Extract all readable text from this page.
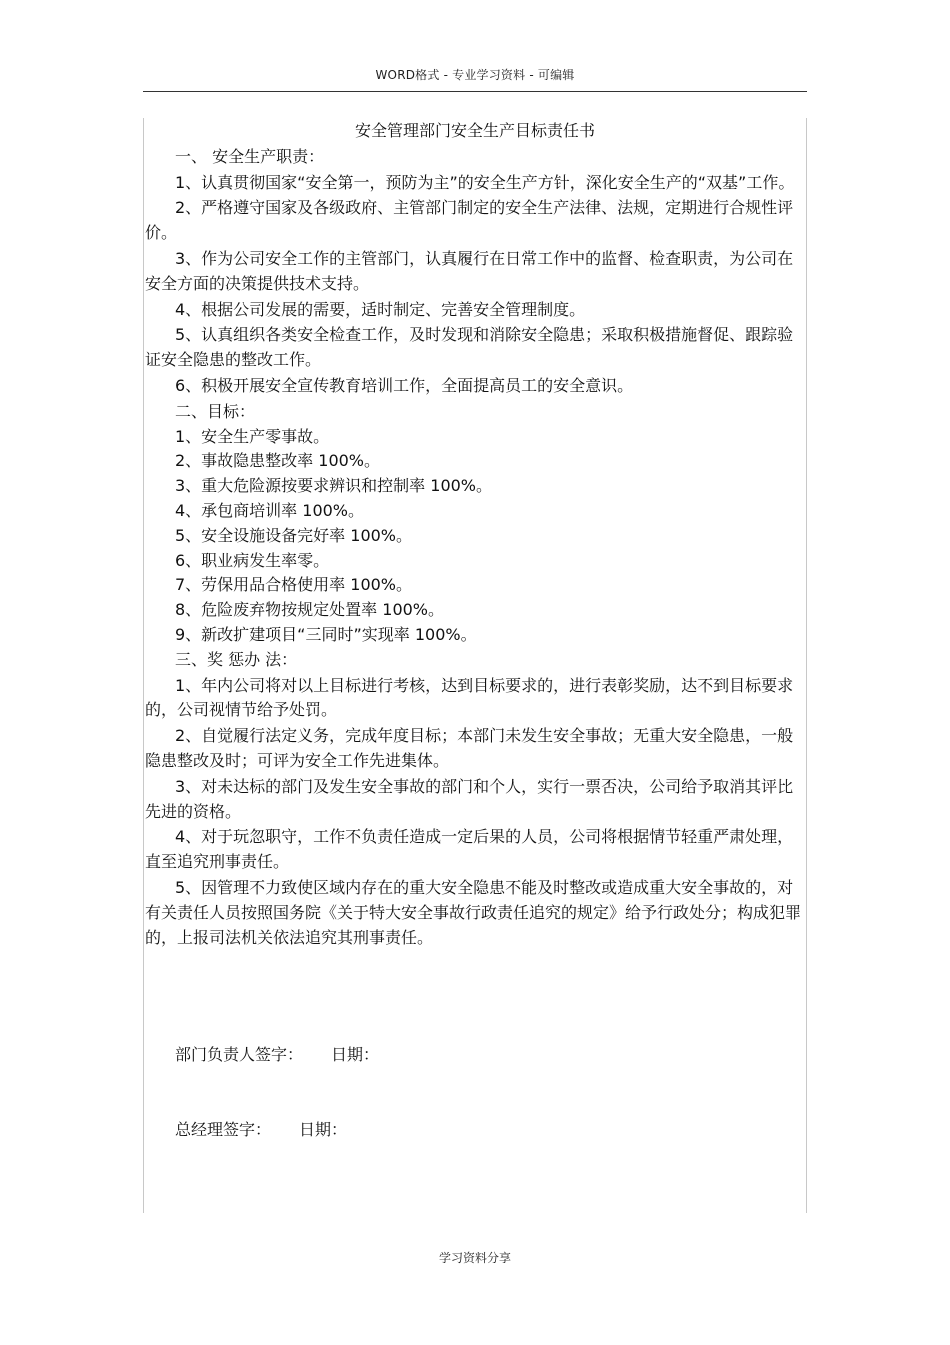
WORD格式 - 专业学习资料 - 可编辑

安全管理部门安全生产目标责任书

一、 安全生产职责：

1、认真贯彻国家“安全第一，预防为主”的安全生产方针，深化安全生产的“双基”工作。

2、严格遵守国家及各级政府、主管部门制定的安全生产法律、法规，定期进行合规性评价。

3、作为公司安全工作的主管部门，认真履行在日常工作中的监督、检查职责，为公司在安全方面的决策提供技术支持。

4、根据公司发展的需要，适时制定、完善安全管理制度。

5、认真组织各类安全检查工作，及时发现和消除安全隐患；采取积极措施督促、跟踪验证安全隐患的整改工作。

6、积极开展安全宣传教育培训工作，全面提高员工的安全意识。

二、目标：

1、安全生产零事故。

2、事故隐患整改率 100%。

3、重大危险源按要求辨识和控制率 100%。

4、承包商培训率 100%。

5、安全设施设备完好率 100%。

6、职业病发生率零。

7、劳保用品合格使用率 100%。

8、危险废弃物按规定处置率 100%。

9、新改扩建项目“三同时”实现率 100%。

三、奖 惩办 法：

1、年内公司将对以上目标进行考核，达到目标要求的，进行表彰奖励，达不到目标要求的，公司视情节给予处罚。

2、自觉履行法定义务，完成年度目标；本部门未发生安全事故；无重大安全隐患，一般隐患整改及时；可评为安全工作先进集体。

3、对未达标的部门及发生安全事故的部门和个人，实行一票否决，公司给予取消其评比先进的资格。

4、对于玩忽职守，工作不负责任造成一定后果的人员，公司将根据情节轻重严肃处理，直至追究刑事责任。

5、因管理不力致使区域内存在的重大安全隐患不能及时整改或造成重大安全事故的，对有关责任人员按照国务院《关于特大安全事故行政责任追究的规定》给予行政处分；构成犯罪的，上报司法机关依法追究其刑事责任。

部门负责人签字： 日期：
总经理签字： 日期：
学习资料分享
